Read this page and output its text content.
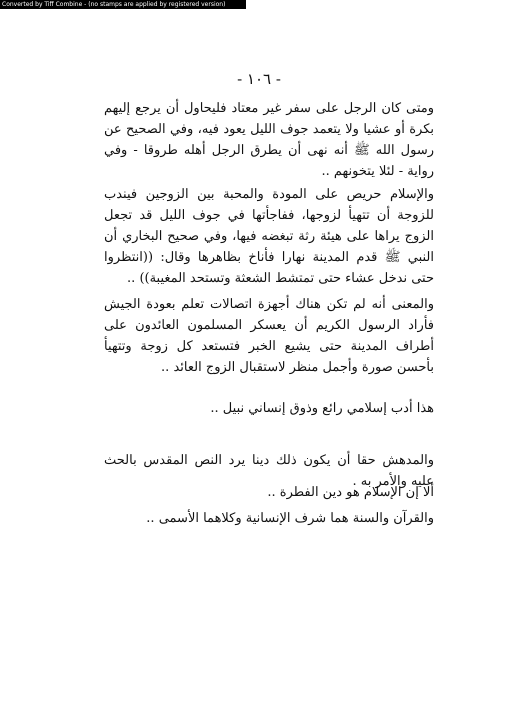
Converted by Tiff Combine - (no stamps are applied by registered version)
- ١٠٦ -
ومتى كان الرجل على سفر غير معتاد فليحاول أن يرجع إليهم بكرة أو عشيا ولا يتعمد جوف الليل يعود فيه، وفي الصحيح عن رسول الله ﷺ أنه نهى أن يطرق الرجل أهله طروقا - وفي رواية - لئلا يتخونهم ..
والإسلام حريص على المودة والمحبة بين الزوجين فيندب للزوجة أن تتهيأ لزوجها، ففاجأتها في جوف الليل قد تجعل الزوج يراها على هيئة رثة تبغضه فيها، وفي صحيح البخاري أن النبي ﷺ قدم المدينة نهارا فأناخ بظاهرها وقال: ((انتظروا حتى ندخل عشاء حتى تمتشط الشعثة وتستحد المغيبة)) ..
والمعنى أنه لم تكن هناك أجهزة اتصالات تعلم بعودة الجيش فأراد الرسول الكريم أن يعسكر المسلمون العائدون على أطراف المدينة حتى يشيع الخبر فتستعد كل زوجة وتتهيأ بأحسن صورة وأجمل منظر لاستقبال الزوج العائد ..
هذا أدب إسلامي رائع وذوق إنساني نبيل ..
والمدهش حقا أن يكون ذلك دينا يرد النص المقدس بالحث عليه والأمر به .
ألا إن الإسلام هو دين الفطرة ..
والقرآن والسنة هما شرف الإنسانية وكلاهما الأسمى ..
